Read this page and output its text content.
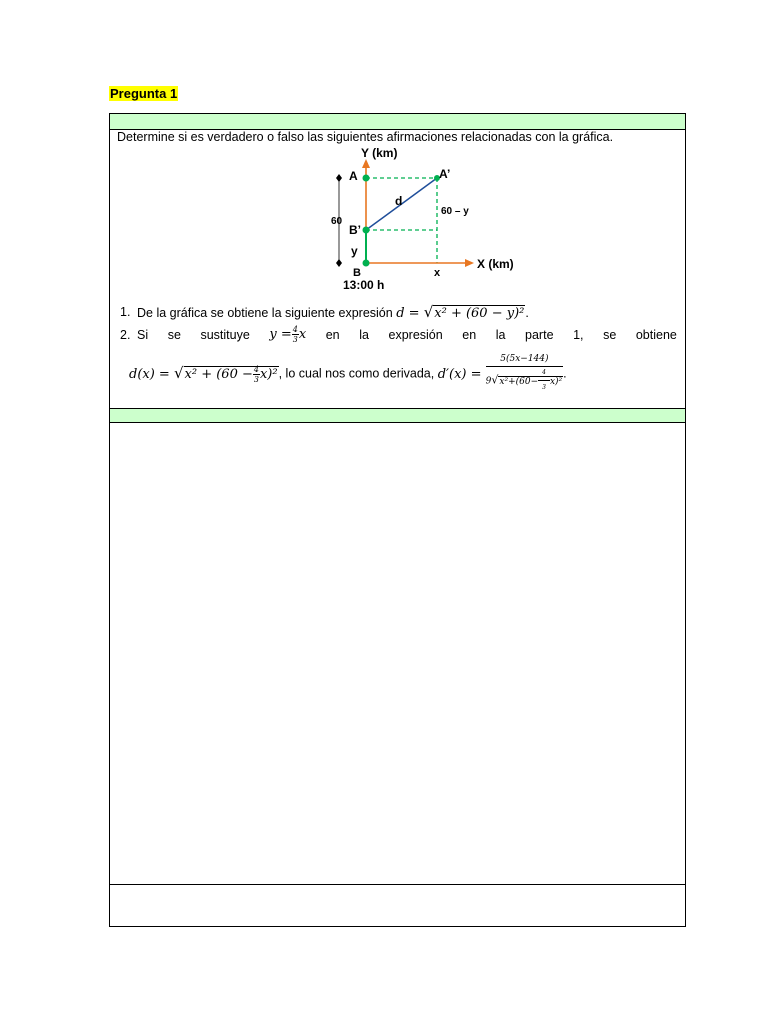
Pregunta 1
Determine si es verdadero o falso las siguientes afirmaciones relacionadas con la gráfica.
Y (km)
X (km)
A	A’
B’
B
d
60 – y
60
y
x
13:00 h
1. De la gráfica se obtiene la siguiente expresión d = √x² + (60 − y)².
2. Si se sustituye $y = \frac{4}{3}$ x en la expresión en la parte 1, se obtiene
$d(x) = √x^2 + (60 - \frac{4}{3} x)^2$, lo cual nos como derivada, $d'(x) = \frac{5(5x-144)}{9√x^2+(60- \frac{4}{3} x)^2}$ .
